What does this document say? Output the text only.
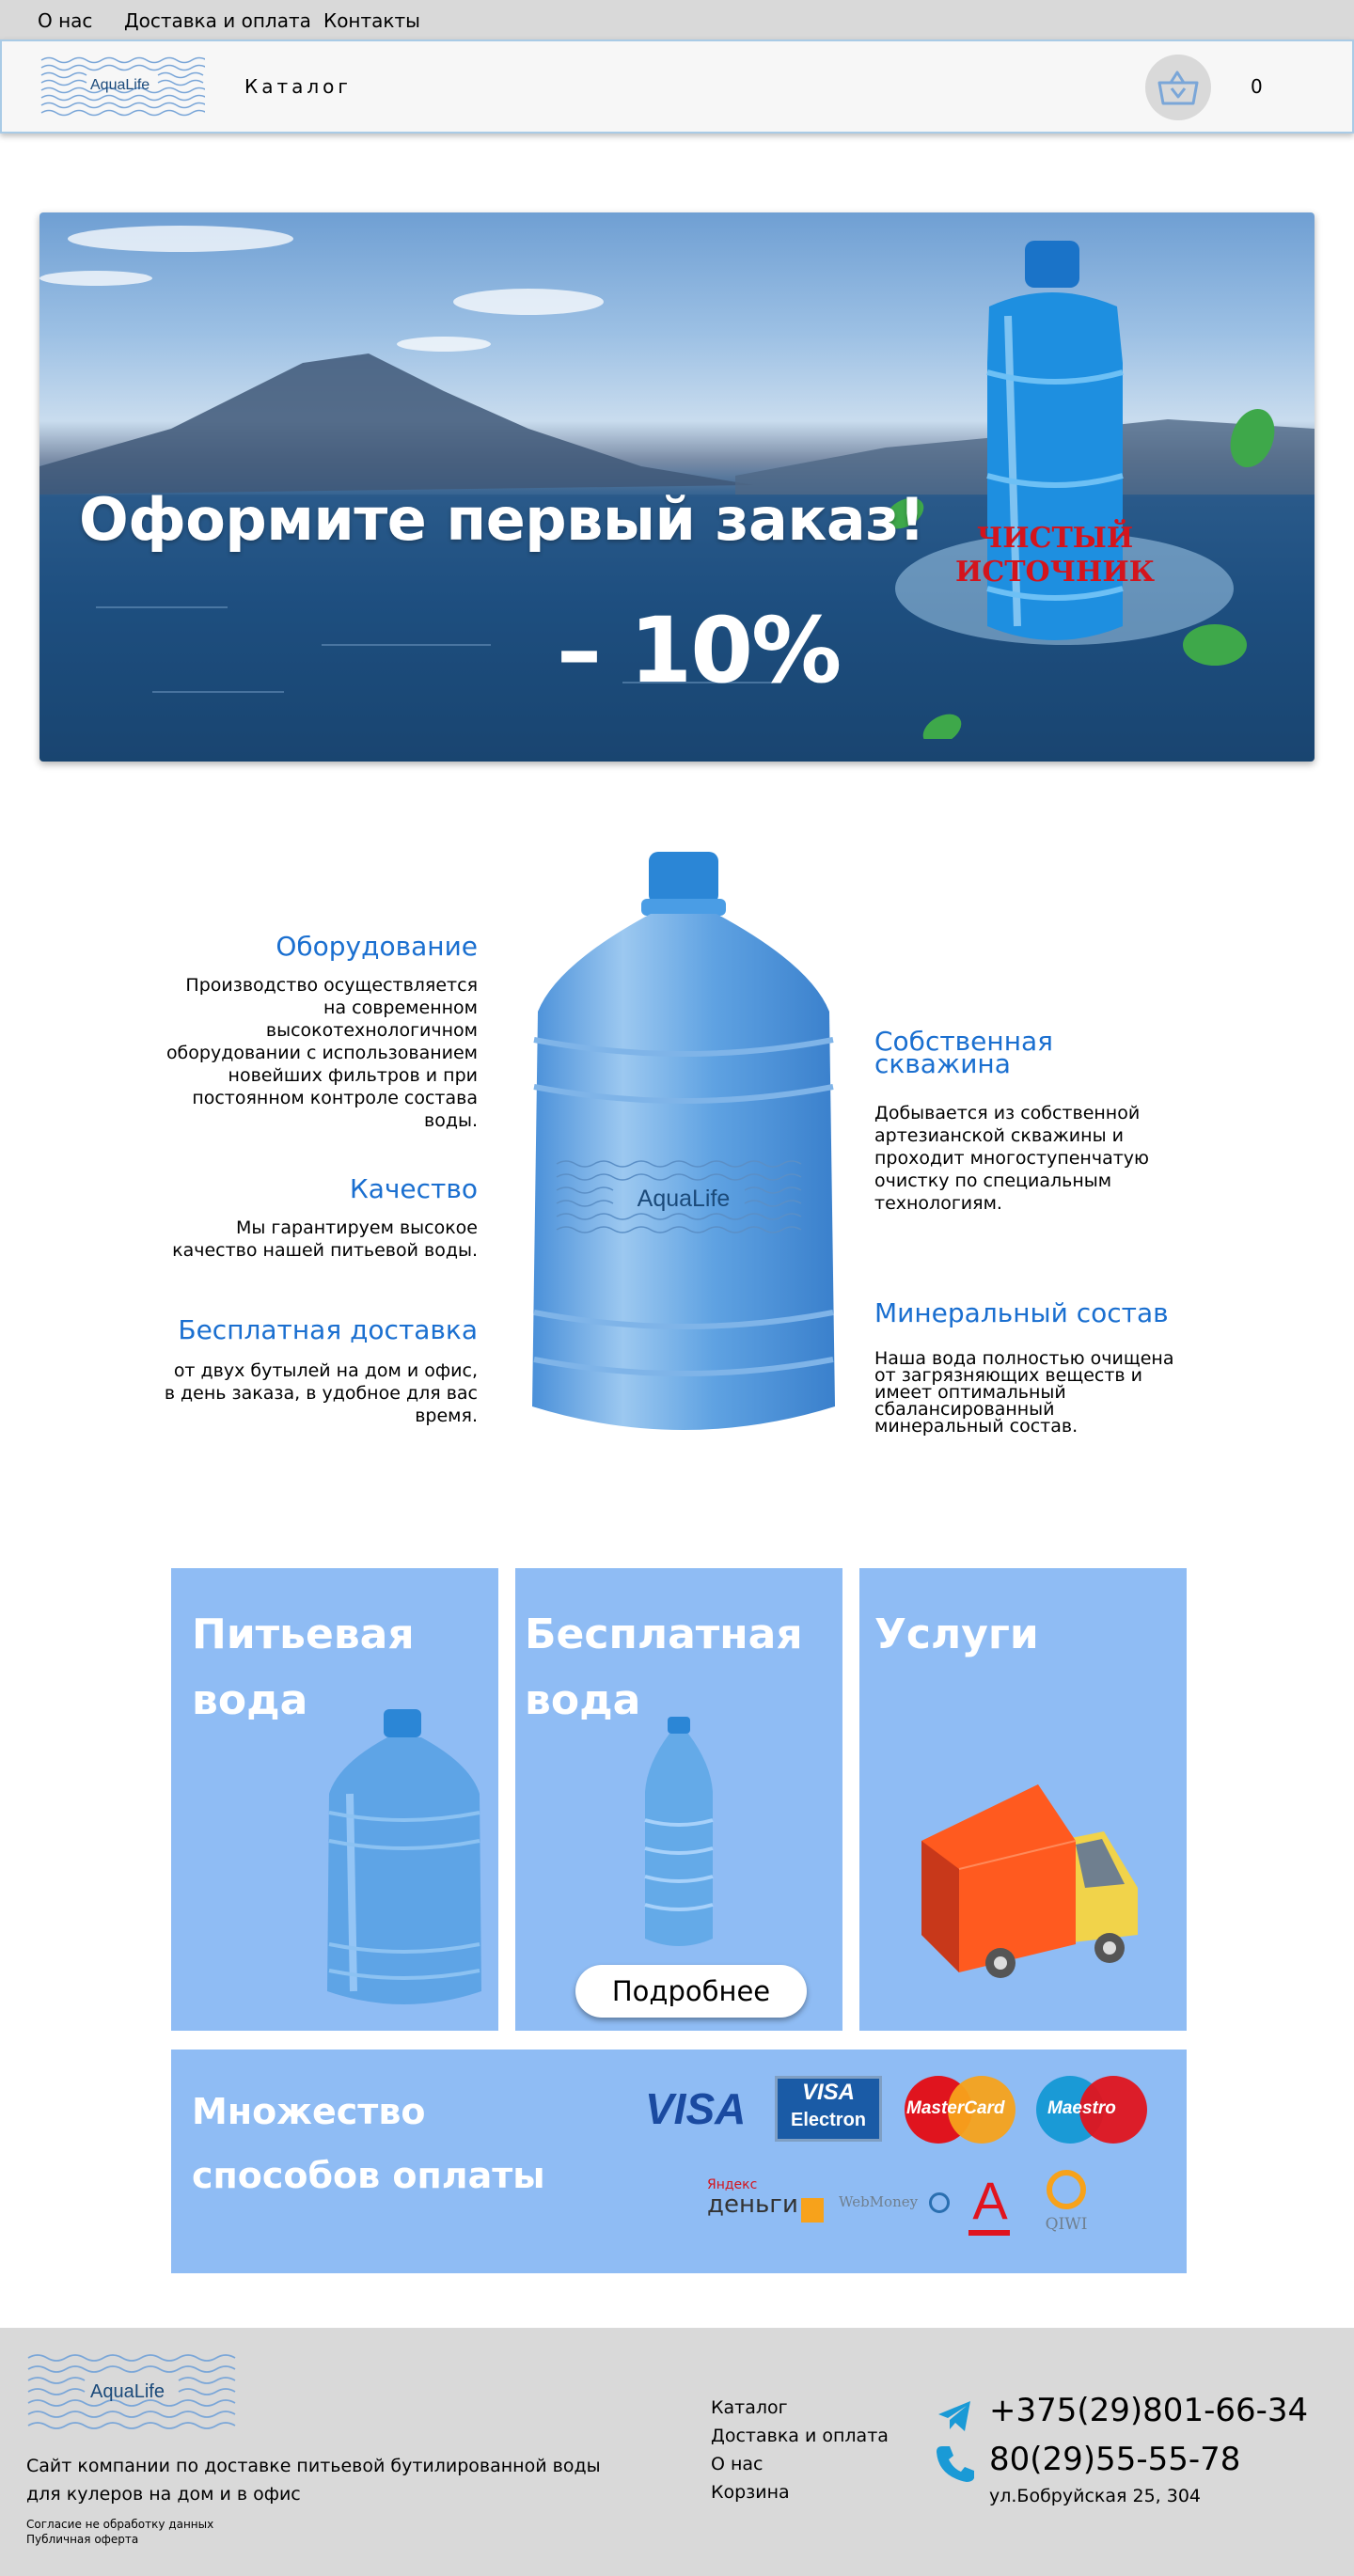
О нас Доставка и оплата Контакты
AquaLife	Каталог	0
ЧИСТЫЙ
ИСТОЧНИК
Оформите первый заказ!
– 10%
Оборудование
Производство осуществляется на современном высокотехнологичном оборудовании с использованием новейших фильтров и при постоянном контроле состава воды.
Качество
Мы гарантируем высокое качество нашей питьевой воды.
Бесплатная доставка
от двух бутылей на дом и офис, в день заказа, в удобное для вас время.
AquaLife
Собственная скважина
Добывается из собственной артезианской скважины и проходит многоступенчатую очистку по специальным технологиям.
Минеральный состав
Наша вода полностью очищена от загрязняющих веществ и имеет оптимальный сбалансированный минеральный состав.
Питьевая вода
Бесплатная вода
Подробнее
Услуги
Множество способов оплаты
VISA	VISA
Electron
MasterCard Maestro
Яндекс
деньги	WebMoney	A	QIWI
AquaLife
Сайт компании по доставке питьевой бутилированной воды для кулеров на дом и в офис
Согласие не обработку данных
Публичная оферта
Каталог
Доставка и оплата
О нас
Корзина
+375(29)801-66-34
80(29)55-55-78
ул.Бобруйская 25, 304
